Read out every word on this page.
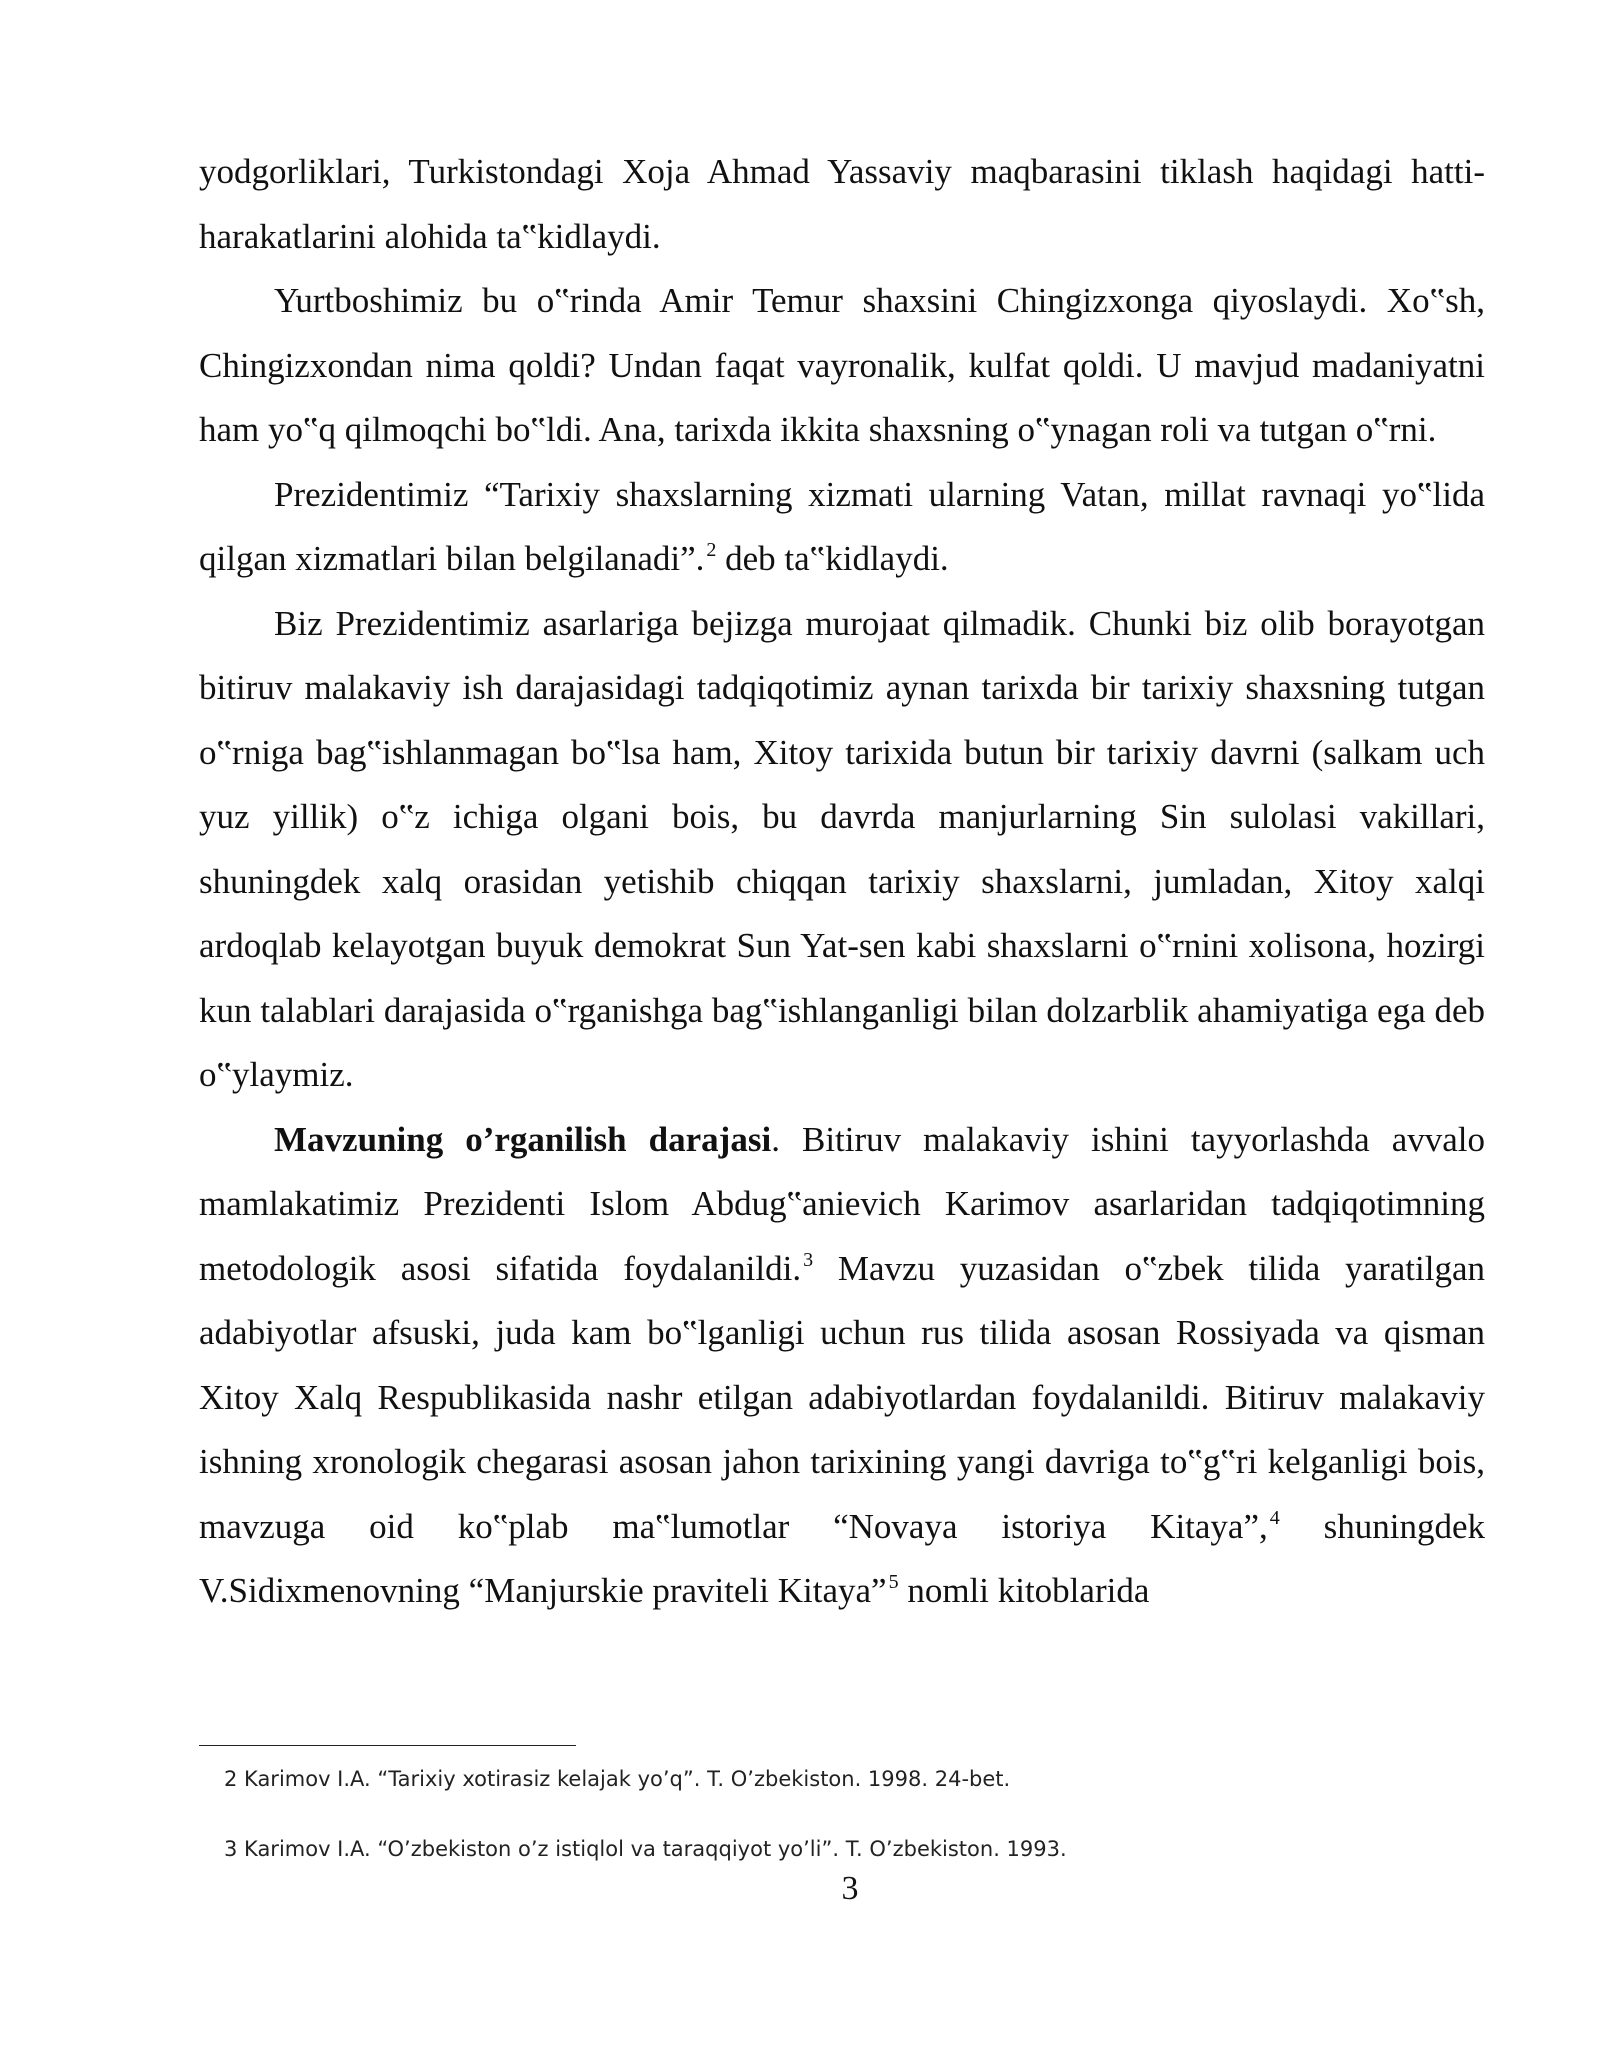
yodgorliklari, Turkistondagi Xoja Ahmad Yassaviy maqbarasini tiklash haqidagi hatti-harakatlarini alohida ta‟kidlaydi.

Yurtboshimiz bu o‟rinda Amir Temur shaxsini Chingizxonga qiyoslaydi. Xo‟sh, Chingizxondan nima qoldi? Undan faqat vayronalik, kulfat qoldi. U mavjud madaniyatni ham yo‟q qilmoqchi bo‟ldi. Ana, tarixda ikkita shaxsning o‟ynagan roli va tutgan o‟rni.

Prezidentimiz “Tarixiy shaxslarning xizmati ularning Vatan, millat ravnaqi yo‟lida qilgan xizmatlari bilan belgilanadi”. $^2$ deb ta‟kidlaydi.

Biz Prezidentimiz asarlariga bejizga murojaat qilmadik. Chunki biz olib borayotgan bitiruv malakaviy ish darajasidagi tadqiqotimiz aynan tarixda bir tarixiy shaxsning tutgan o‟rniga bag‟ishlanmagan bo‟lsa ham, Xitoy tarixida butun bir tarixiy davrni (salkam uch yuz yillik) o‟z ichiga olgani bois, bu davrda manjurlarning Sin sulolasi vakillari, shuningdek xalq orasidan yetishib chiqqan tarixiy shaxslarni, jumladan, Xitoy xalqi ardoqlab kelayotgan buyuk demokrat Sun Yat-sen kabi shaxslarni o‟rnini xolisona, hozirgi kun talablari darajasida o‟rganishga bag‟ishlanganligi bilan dolzarblik ahamiyatiga ega deb o‟ylaymiz.

Mavzuning o’rganilish darajasi. Bitiruv malakaviy ishini tayyorlashda avvalo mamlakatimiz Prezidenti Islom Abdug‟anievich Karimov asarlaridan tadqiqotimning metodologik asosi sifatida foydalanildi. $^3$ Mavzu yuzasidan o‟zbek tilida yaratilgan adabiyotlar afsuski, juda kam bo‟lganligi uchun rus tilida asosan Rossiyada va qisman Xitoy Xalq Respublikasida nashr etilgan adabiyotlardan foydalanildi. Bitiruv malakaviy ishning xronologik chegarasi asosan jahon tarixining yangi davriga to‟g‟ri kelganligi bois, mavzuga oid ko‟plab ma‟lumotlar “Novaya istoriya Kitaya”, $^4$ shuningdek V.Sidixmenovning “Manjurskie praviteli Kitaya” $^5$ nomli kitoblarida

2 Karimov I.A. “Tarixiy xotirasiz kelajak yo’q”. T. O’zbekiston. 1998. 24-bet.
3 Karimov I.A. “O’zbekiston o’z istiqlol va taraqqiyot yo’li”. T. O’zbekiston. 1993.
3
